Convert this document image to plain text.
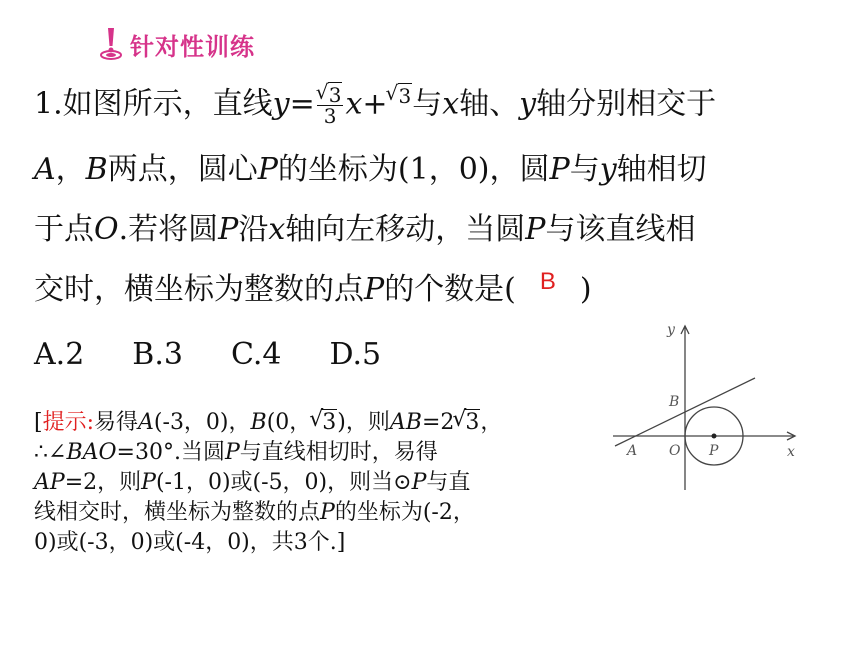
针对性训练
1.如图所示，直线y=
√ $\frac{3}{3} x+√$ $^3$与x轴、y轴分别相交于
A，B两点，圆心P的坐标为(1，0)，圆P与y轴相切
于点O.若将圆P沿x轴向左移动，当圆P与该直线相
交时，横坐标为整数的点P的个数是( B )
A.2 B.3 C.4 D.5
[提示:易得A(-3，0)，B(0，√ 3)，则AB=2√ 3，
∴∠BAO=30°.当圆P与直线相切时，易得
AP=2，则P(-1，0)或(-5，0)，则当⊙P与直
线相交时，横坐标为整数的点P的坐标为(-2，
0)或(-3，0)或(-4，0)，共3个.]
y
x
B
A O P
